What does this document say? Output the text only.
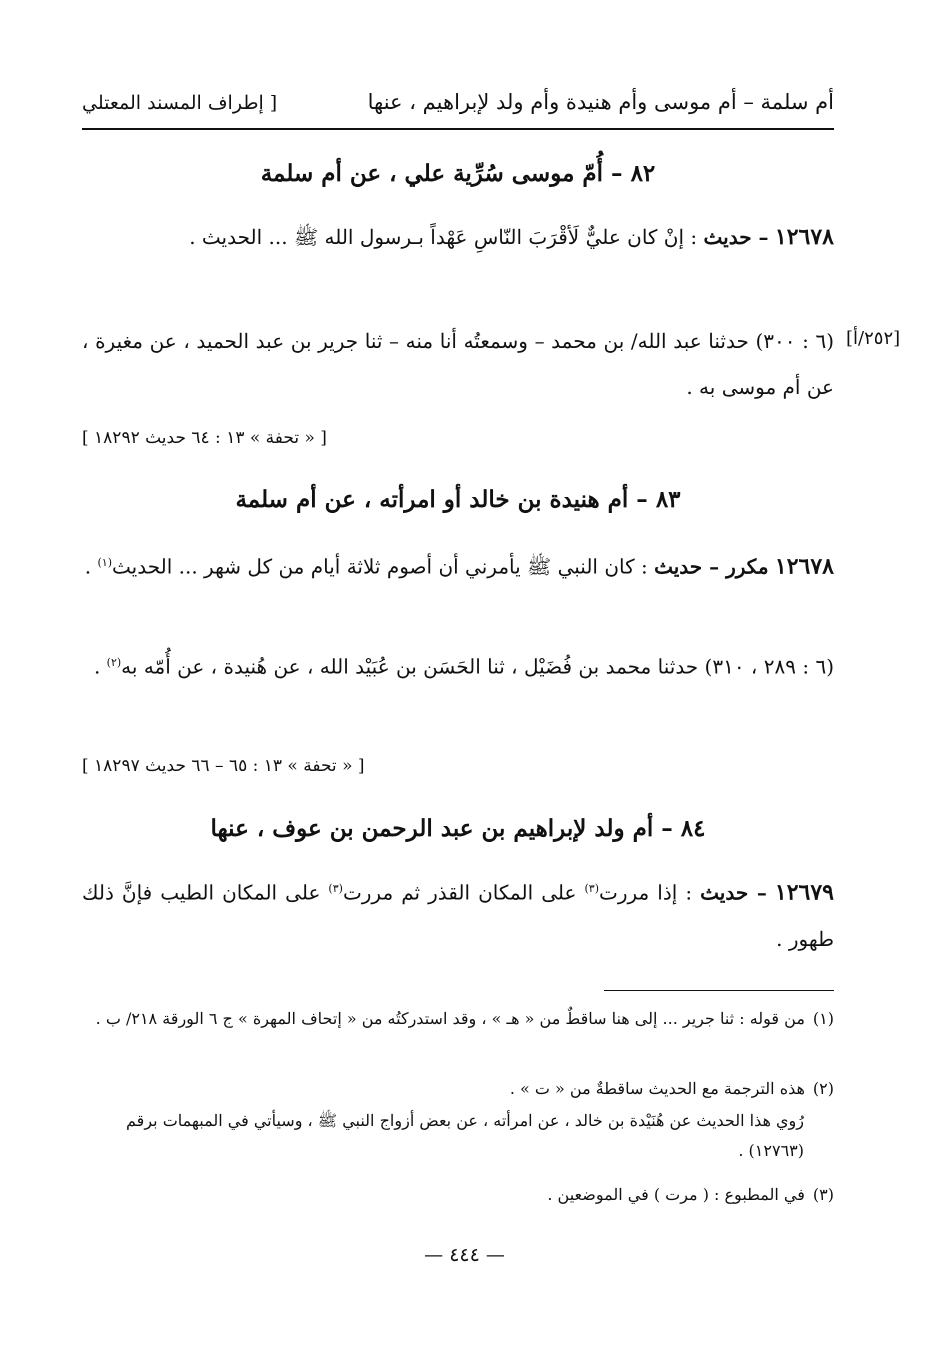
أم سلمة – أم موسى وأم هنيدة وأم ولد لإبراهيم ، عنها
[ إطراف المسند المعتلي
٨٢ – أُمّ موسى سُرِّية علي ، عن أم سلمة
١٢٦٧٨ – حديث : إنْ كان عليٌّ لَأقْرَبَ النّاسِ عَهْداً بـرسول الله ﷺ ... الحديث .
[٢٥٢/أ]
(٦ : ٣٠٠) حدثنا عبد الله/ بن محمد – وسمعتُه أنا منه – ثنا جرير بن عبد الحميد ، عن مغيرة ، عن أم موسى به .
[ « تحفة » ١٣ : ٦٤ حديث ١٨٢٩٢ ]
٨٣ – أم هنيدة بن خالد أو امرأته ، عن أم سلمة
١٢٦٧٨ مكرر – حديث : كان النبي ﷺ يأمرني أن أصوم ثلاثة أيام من كل شهر ... الحديث$^{(١)}$ .
(٦ : ٢٨٩ ، ٣١٠) حدثنا محمد بن فُضَيْل ، ثنا الحَسَن بن عُبَيْد الله ، عن هُنيدة ، عن أُمّه به$^{(٢)}$ .
[ « تحفة » ١٣ : ٦٥ – ٦٦ حديث ١٨٢٩٧ ]
٨٤ – أم ولد لإبراهيم بن عبد الرحمن بن عوف ، عنها
١٢٦٧٩ – حديث : إذا مررت$^{(٣)}$ على المكان القذر ثم مررت$^{(٣)}$ على المكان الطيب فإنَّ ذلك طهور .
(١)من قوله : ثنا جرير ... إلى هنا ساقطٌ من « هـ » ، وقد استدركتُه من « إتحاف المهرة » ج ٦ الورقة ٢١٨/ ب .
(٢)هذه الترجمة مع الحديث ساقطةٌ من « ت » .
رُوي هذا الحديث عن هُنَيْدة بن خالد ، عن امرأته ، عن بعض أزواج النبي ﷺ ، وسيأتي في المبهمات برقم (١٢٧٦٣) .
(٣)في المطبوع : ( مرت ) في الموضعين .
— ٤٤٤ —
